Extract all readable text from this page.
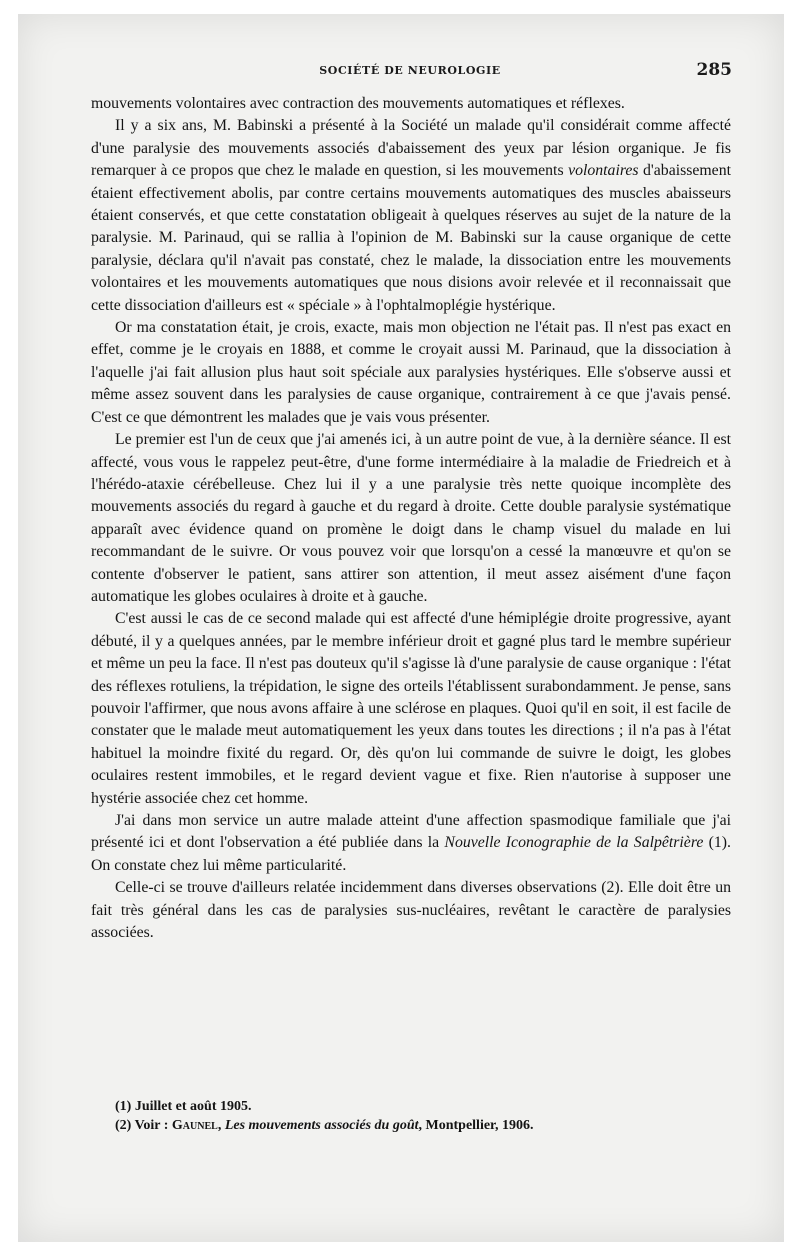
SOCIÉTÉ DE NEUROLOGIE	285

mouvements volontaires avec contraction des mouvements automatiques et réflexes.

Il y a six ans, M. Babinski a présenté à la Société un malade qu'il considérait comme affecté d'une paralysie des mouvements associés d'abaissement des yeux par lésion organique. Je fis remarquer à ce propos que chez le malade en question, si les mouvements volontaires d'abaissement étaient effectivement abolis, par contre certains mouvements automatiques des muscles abaisseurs étaient conservés, et que cette constatation obligeait à quelques réserves au sujet de la nature de la paralysie. M. Parinaud, qui se rallia à l'opinion de M. Babinski sur la cause organique de cette paralysie, déclara qu'il n'avait pas constaté, chez le malade, la dissociation entre les mouvements volontaires et les mouvements automatiques que nous disions avoir relevée et il reconnaissait que cette dissociation d'ailleurs est « spéciale » à l'ophtalmoplégie hystérique.

Or ma constatation était, je crois, exacte, mais mon objection ne l'était pas. Il n'est pas exact en effet, comme je le croyais en 1888, et comme le croyait aussi M. Parinaud, que la dissociation à l'aquelle j'ai fait allusion plus haut soit spéciale aux paralysies hystériques. Elle s'observe aussi et même assez souvent dans les paralysies de cause organique, contrairement à ce que j'avais pensé. C'est ce que démontrent les malades que je vais vous présenter.

Le premier est l'un de ceux que j'ai amenés ici, à un autre point de vue, à la dernière séance. Il est affecté, vous vous le rappelez peut-être, d'une forme intermédiaire à la maladie de Friedreich et à l'hérédo-ataxie cérébelleuse. Chez lui il y a une paralysie très nette quoique incomplète des mouvements associés du regard à gauche et du regard à droite. Cette double paralysie systématique apparaît avec évidence quand on promène le doigt dans le champ visuel du malade en lui recommandant de le suivre. Or vous pouvez voir que lorsqu'on a cessé la manœuvre et qu'on se contente d'observer le patient, sans attirer son attention, il meut assez aisément d'une façon automatique les globes oculaires à droite et à gauche.

C'est aussi le cas de ce second malade qui est affecté d'une hémiplégie droite progressive, ayant débuté, il y a quelques années, par le membre inférieur droit et gagné plus tard le membre supérieur et même un peu la face. Il n'est pas douteux qu'il s'agisse là d'une paralysie de cause organique : l'état des réflexes rotuliens, la trépidation, le signe des orteils l'établissent surabondamment. Je pense, sans pouvoir l'affirmer, que nous avons affaire à une sclérose en plaques. Quoi qu'il en soit, il est facile de constater que le malade meut automatiquement les yeux dans toutes les directions ; il n'a pas à l'état habituel la moindre fixité du regard. Or, dès qu'on lui commande de suivre le doigt, les globes oculaires restent immobiles, et le regard devient vague et fixe. Rien n'autorise à supposer une hystérie associée chez cet homme.

J'ai dans mon service un autre malade atteint d'une affection spasmodique familiale que j'ai présenté ici et dont l'observation a été publiée dans la Nouvelle Iconographie de la Salpêtrière (1). On constate chez lui même particularité.

Celle-ci se trouve d'ailleurs relatée incidemment dans diverses observations (2). Elle doit être un fait très général dans les cas de paralysies sus-nucléaires, revêtant le caractère de paralysies associées.

(1) Juillet et août 1905.

(2) Voir : Gaunel, Les mouvements associés du goût, Montpellier, 1906.
